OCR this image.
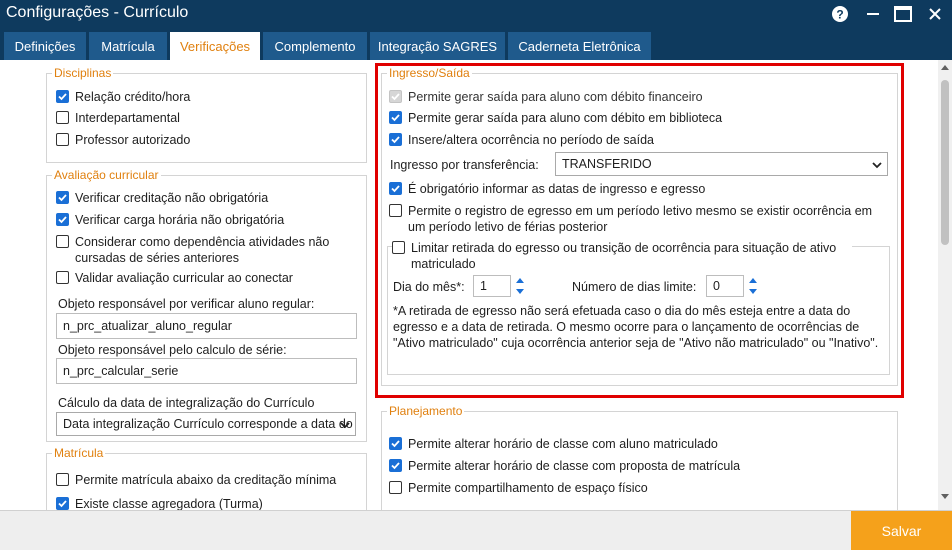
Configurações - Currículo	?
Definições	Matrícula	Verificações	Complemento	Integração SAGRES	Caderneta Eletrônica
Disciplinas
Relação crédito/hora
Interdepartamental
Professor autorizado
Avaliação curricular
Verificar creditação não obrigatória
Verificar carga horária não obrigatória
Considerar como dependência atividades não cursadas de séries anteriores
Validar avaliação curricular ao conectar
Objeto responsável por verificar aluno regular:
n_prc_atualizar_aluno_regular
Objeto responsável pelo calculo de série:
n_prc_calcular_serie
Cálculo da data de integralização do Currículo
Data integralização Currículo corresponde a data do
Matrícula
Permite matrícula abaixo da creditação mínima
Existe classe agregadora (Turma)
Ingresso/Saída
Permite gerar saída para aluno com débito financeiro
Permite gerar saída para aluno com débito em biblioteca
Insere/altera ocorrência no período de saída
Ingresso por transferência:	TRANSFERIDO
É obrigatório informar as datas de ingresso e egresso
Permite o registro de egresso em um período letivo mesmo se existir ocorrência em um período letivo de férias posterior
Limitar retirada do egresso ou transição de ocorrência para situação de ativo matriculado
Dia do mês*:	1	Número de dias limite:	0
*A retirada de egresso não será efetuada caso o dia do mês esteja entre a data do egresso e a data de retirada. O mesmo ocorre para o lançamento de ocorrências de "Ativo matriculado" cuja ocorrência anterior seja de "Ativo não matriculado" ou "Inativo".
Planejamento
Permite alterar horário de classe com aluno matriculado
Permite alterar horário de classe com proposta de matrícula
Permite compartilhamento de espaço físico
Salvar
